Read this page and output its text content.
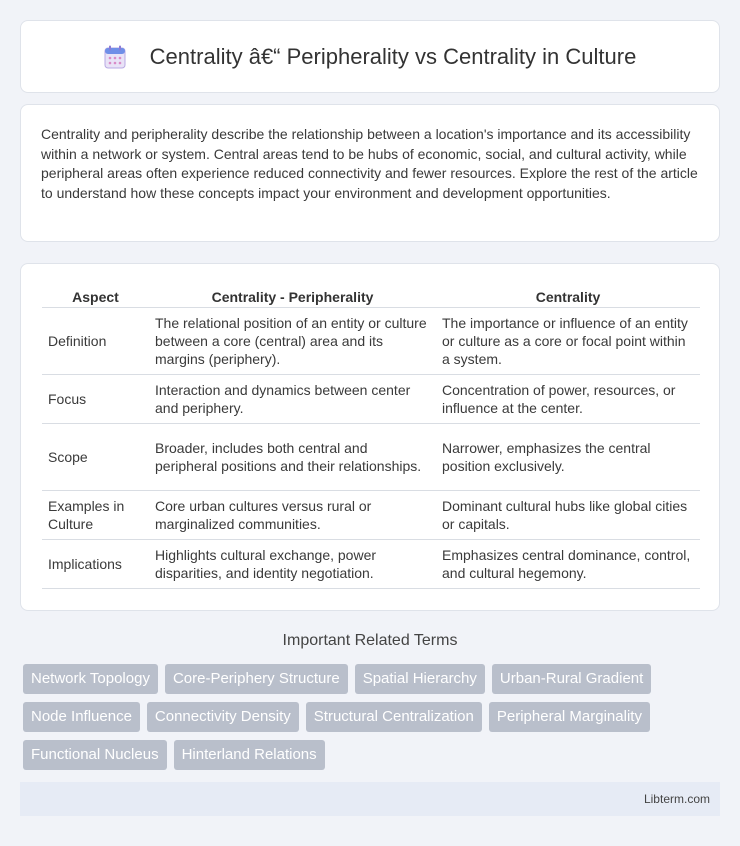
Centrality â€“ Peripherality vs Centrality in Culture

Centrality and peripherality describe the relationship between a location's importance and its accessibility within a network or system. Central areas tend to be hubs of economic, social, and cultural activity, while peripheral areas often experience reduced connectivity and fewer resources. Explore the rest of the article to understand how these concepts impact your environment and development opportunities.

Aspect	Centrality - Peripherality	Centrality
Definition	The relational position of an entity or culture between a core (central) area and its margins (periphery).	The importance or influence of an entity or culture as a core or focal point within a system.
Focus	Interaction and dynamics between center and periphery.	Concentration of power, resources, or influence at the center.
Scope	Broader, includes both central and peripheral positions and their relationships.	Narrower, emphasizes the central position exclusively.
Examples in Culture	Core urban cultures versus rural or marginalized communities.	Dominant cultural hubs like global cities or capitals.
Implications	Highlights cultural exchange, power disparities, and identity negotiation.	Emphasizes central dominance, control, and cultural hegemony.
Important Related Terms
Network Topology	Core-Periphery Structure	Spatial Hierarchy	Urban-Rural Gradient
Node Influence	Connectivity Density	Structural Centralization	Peripheral Marginality
Functional Nucleus	Hinterland Relations
Libterm.com
